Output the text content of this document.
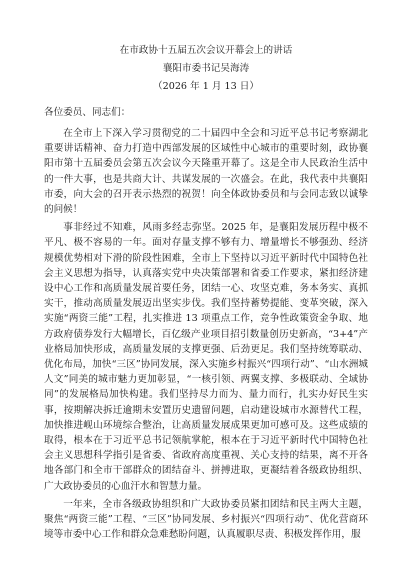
在市政协十五届五次会议开幕会上的讲话
襄阳市委书记吴海涛
（2026 年 1 月 13 日）
各位委员、同志们：

在全市上下深入学习贯彻党的二十届四中全会和习近平总书记考察湖北重要讲话精神、奋力打造中西部发展的区域性中心城市的重要时刻，政协襄阳市第十五届委员会第五次会议今天隆重开幕了。这是全市人民政治生活中的一件大事，也是共商大计、共谋发展的一次盛会。在此，我代表中共襄阳市委，向大会的召开表示热烈的祝贺！向全体政协委员和与会同志致以诚挚的问候！

事非经过不知难，风雨多经志弥坚。2025 年，是襄阳发展历程中极不平凡、极不容易的一年。面对存量支撑不够有力、增量增长不够强劲、经济规模优势相对下滑的阶段性困难，全市上下坚持以习近平新时代中国特色社会主义思想为指导，认真落实党中央决策部署和省委工作要求，紧扣经济建设中心工作和高质量发展首要任务，团结一心、攻坚克难，务本务实、真抓实干，推动高质量发展迈出坚实步伐。我们坚持蓄势提能、变革突破，深入实施“两资三能”工程，扎实推进 13 项重点工作，竞争性政策资金争取、地方政府债券发行大幅增长，百亿级产业项目招引数量创历史新高，“3+4”产业格局加快形成，高质量发展的支撑更强、后劲更足。我们坚持统筹联动、优化布局，加快“三区”协同发展，深入实施乡村振兴“四项行动”、“山水洲城人文”同美的城市魅力更加彰显，“一核引领、两翼支撑、多极联动、全域协同”的发展格局加快构建。我们坚持尽力而为、量力而行，扎实办好民生实事，按期解决拆迁逾期未安置历史遗留问题，启动建设城市水源替代工程，加快推进岘山环境综合整治，让高质量发展成果更加可感可及。这些成绩的取得，根本在于习近平总书记领航掌舵，根本在于习近平新时代中国特色社会主义思想科学指引是省委、省政府高度重视、关心支持的结果，离不开各地各部门和全市干部群众的团结奋斗、拼搏进取，更凝结着各级政协组织、广大政协委员的心血汗水和智慧力量。

一年来，全市各级政协组织和广大政协委员紧扣团结和民主两大主题，聚焦“两资三能”工程、“三区”协同发展、乡村振兴“四项行动”、优化营商环境等市委中心工作和群众急难愁盼问题，认真履职尽责、积极发挥作用，服
